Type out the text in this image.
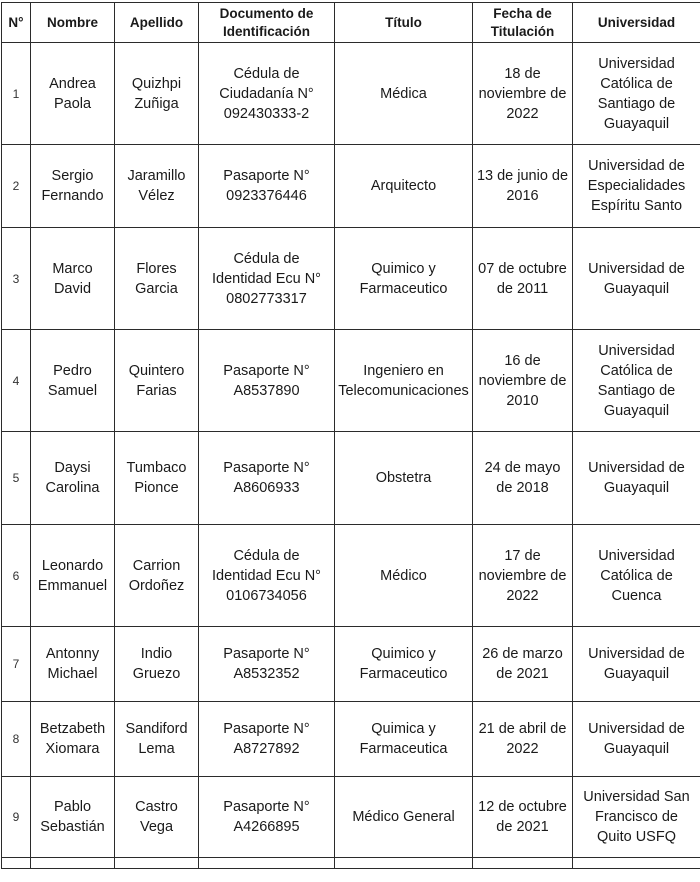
N°	Nombre	Apellido	Documento de Identificación	Título	Fecha de Titulación	Universidad
1	Andrea Paola	Quizhpi Zuñiga	Cédula de Ciudadanía N° 092430333-2	Médica	18 de noviembre de 2022	Universidad Católica de Santiago de Guayaquil
2	Sergio Fernando	Jaramillo Vélez	Pasaporte N° 0923376446	Arquitecto	13 de junio de 2016	Universidad de Especialidades Espíritu Santo
3	Marco David	Flores Garcia	Cédula de Identidad Ecu N° 0802773317	Quimico y Farmaceutico	07 de octubre de 2011	Universidad de Guayaquil
4	Pedro Samuel	Quintero Farias	Pasaporte N° A8537890	Ingeniero en Telecomunicaciones	16 de noviembre de 2010	Universidad Católica de Santiago de Guayaquil
5	Daysi Carolina	Tumbaco Pionce	Pasaporte N° A8606933	Obstetra	24 de mayo de 2018	Universidad de Guayaquil
6	Leonardo Emmanuel	Carrion Ordoñez	Cédula de Identidad Ecu N° 0106734056	Médico	17 de noviembre de 2022	Universidad Católica de Cuenca
7	Antonny Michael	Indio Gruezo	Pasaporte N° A8532352	Quimico y Farmaceutico	26 de marzo de 2021	Universidad de Guayaquil
8	Betzabeth Xiomara	Sandiford Lema	Pasaporte N° A8727892	Quimica y Farmaceutica	21 de abril de 2022	Universidad de Guayaquil
9	Pablo Sebastián	Castro Vega	Pasaporte N° A4266895	Médico General	12 de octubre de 2021	Universidad San Francisco de Quito USFQ
